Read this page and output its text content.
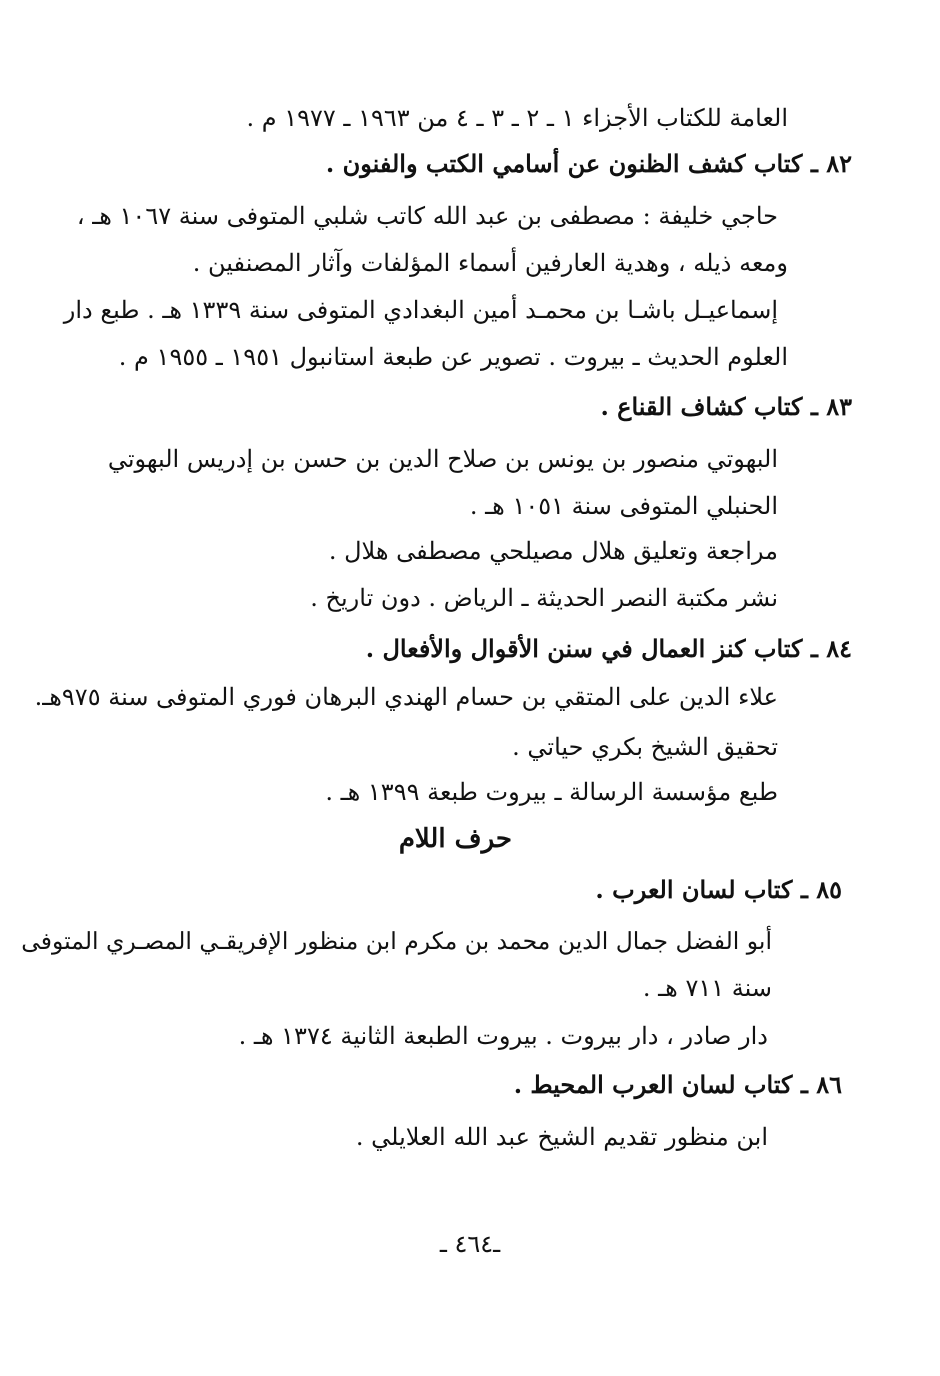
العامة للكتاب الأجزاء ١ ـ ٢ ـ ٣ ـ ٤ من ١٩٦٣ ـ ١٩٧٧ م .
٨٢ ـ كتاب كشف الظنون عن أسامي الكتب والفنون .
حاجي خليفة : مصطفى بن عبد الله كاتب شلبي المتوفى سنة ١٠٦٧ هـ ،
ومعه ذيله ، وهدية العارفين أسماء المؤلفات وآثار المصنفين .
إسماعيـل باشـا بن محمـد أمين البغدادي المتوفى سنة ١٣٣٩ هـ . طبع دار
العلوم الحديث ـ بيروت . تصوير عن طبعة استانبول ١٩٥١ ـ ١٩٥٥ م .
٨٣ ـ كتاب كشاف القناع .
البهوتي منصور بن يونس بن صلاح الدين بن حسن بن إدريس البهوتي
الحنبلي المتوفى سنة ١٠٥١ هـ .
مراجعة وتعليق هلال مصيلحي مصطفى هلال .
نشر مكتبة النصر الحديثة ـ الرياض . دون تاريخ .
٨٤ ـ كتاب كنز العمال في سنن الأقوال والأفعال .
علاء الدين على المتقي بن حسام الهندي البرهان فوري المتوفى سنة ٩٧٥هـ.
تحقيق الشيخ بكري حياتي .
طبع مؤسسة الرسالة ـ بيروت طبعة ١٣٩٩ هـ .
حرف اللام
٨٥ ـ كتاب لسان العرب .
أبو الفضل جمال الدين محمد بن مكرم ابن منظور الإفريقـي المصـري المتوفى
سنة ٧١١ هـ .
دار صادر ، دار بيروت . بيروت الطبعة الثانية ١٣٧٤ هـ .
٨٦ ـ كتاب لسان العرب المحيط .
ابن منظور تقديم الشيخ عبد الله العلايلي .
ـ٤٦٤ ـ
